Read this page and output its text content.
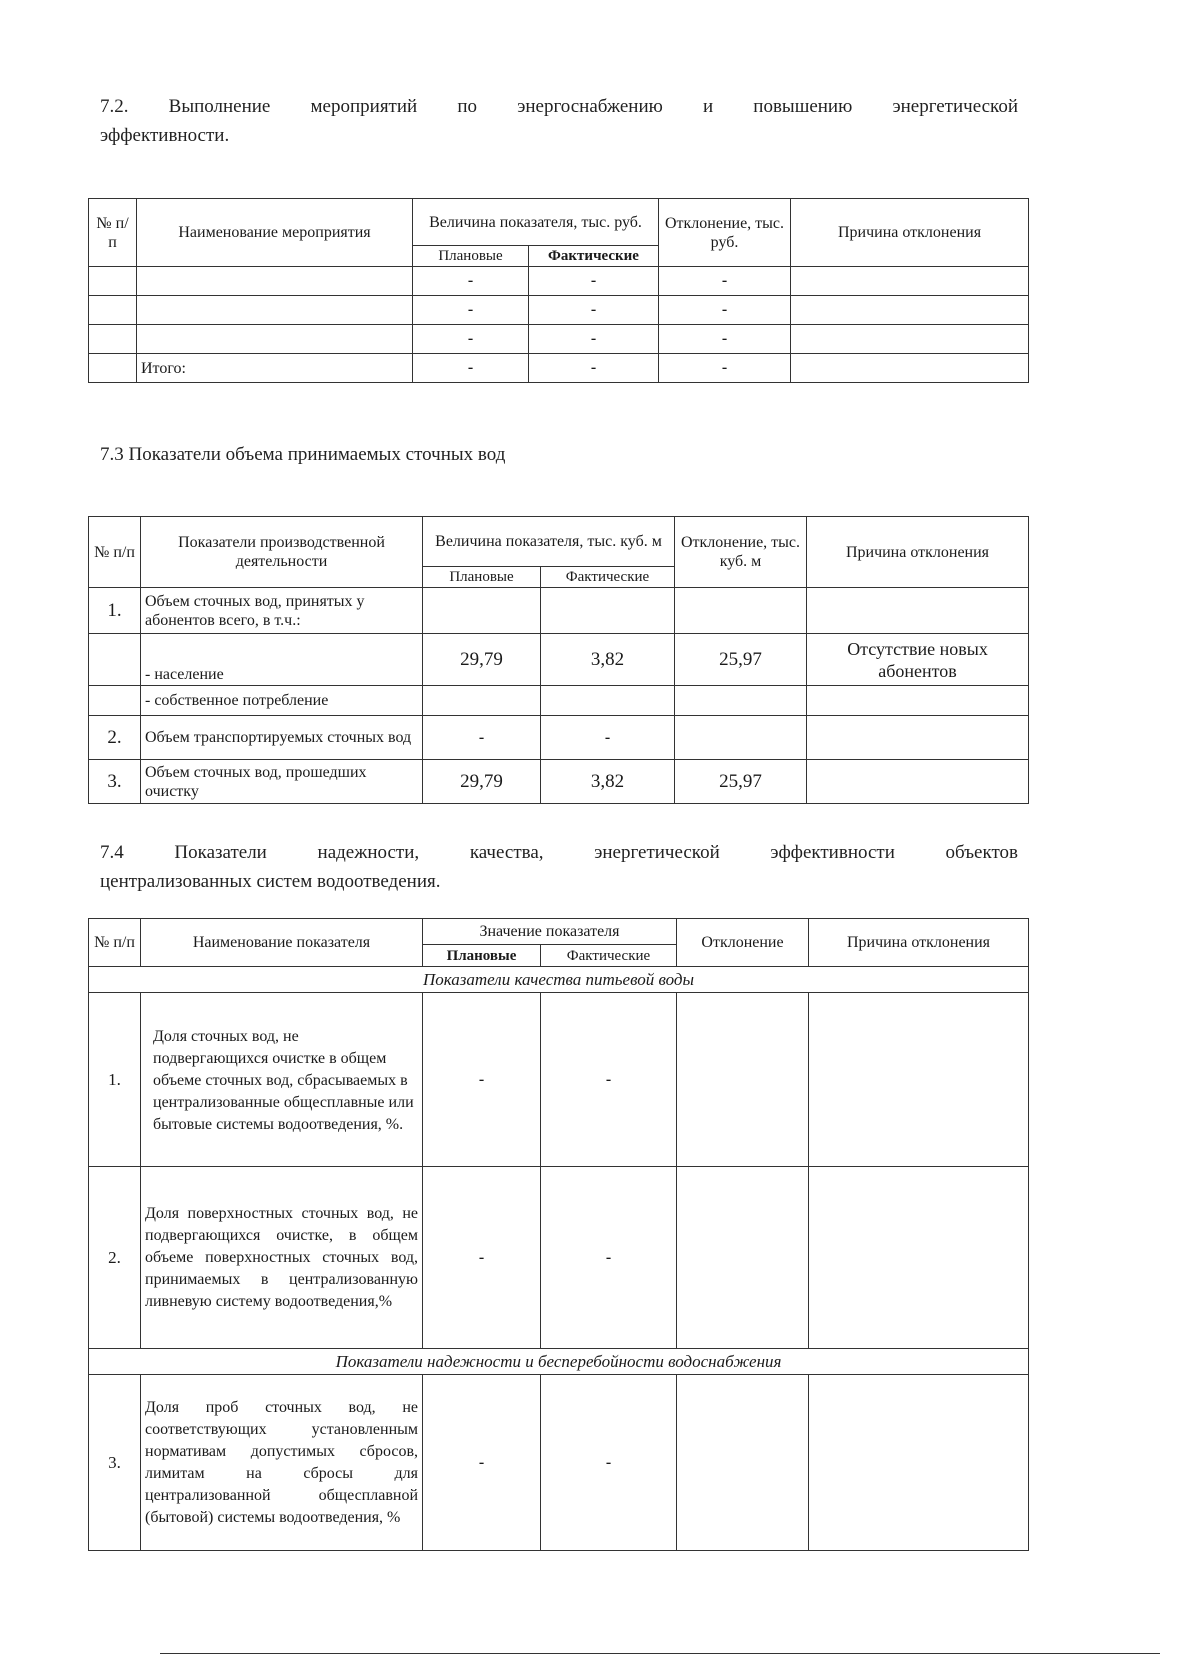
7.2. Выполнение мероприятий по энергоснабжению и повышению энергетической
эффективности.
№ п/п	Наименование мероприятия	Величина показателя, тыс. руб.		Отклонение, тыс. руб.	Причина отклонения
		Плановые	Фактические		
		-	-	-	
		-	-	-	
		-	-	-	
	Итого:	-	-	-	
7.3 Показатели объема принимаемых сточных вод
№ п/п	Показатели производственной деятельности	Величина показателя, тыс. куб. м		Отклонение, тыс. куб. м	Причина отклонения
		Плановые	Фактические		
1.	Объем сточных вод, принятых у абонентов всего, в т.ч.:				
	- население	29,79	3,82	25,97	Отсутствие новых абонентов
	- собственное потребление				
2.	Объем транспортируемых сточных вод	-	-		
3.	Объем сточных вод, прошедших очистку	29,79	3,82	25,97	
7.4 Показатели надежности, качества, энергетической эффективности объектов
централизованных систем водоотведения.
№ п/п	Наименование показателя	Значение показателя		Отклонение	Причина отклонения
		Плановые	Фактические		
Показатели качества питьевой воды					
1.	Доля сточных вод, не подвергающихся очистке в общем объеме сточных вод, сбрасываемых в централизованные общесплавные или бытовые системы водоотведения, %.	-	-		
2.	Доля поверхностных сточных вод, не подвергающихся очистке, в общем объеме поверхностных сточных вод, принимаемых в централизованную ливневую систему водоотведения,%	-	-		
Показатели надежности и бесперебойности водоснабжения					
3.	Доля проб сточных вод, не соответствующих установленным нормативам допустимых сбросов, лимитам на сбросы для централизованной общесплавной (бытовой) системы водоотведения, %	-	-		
